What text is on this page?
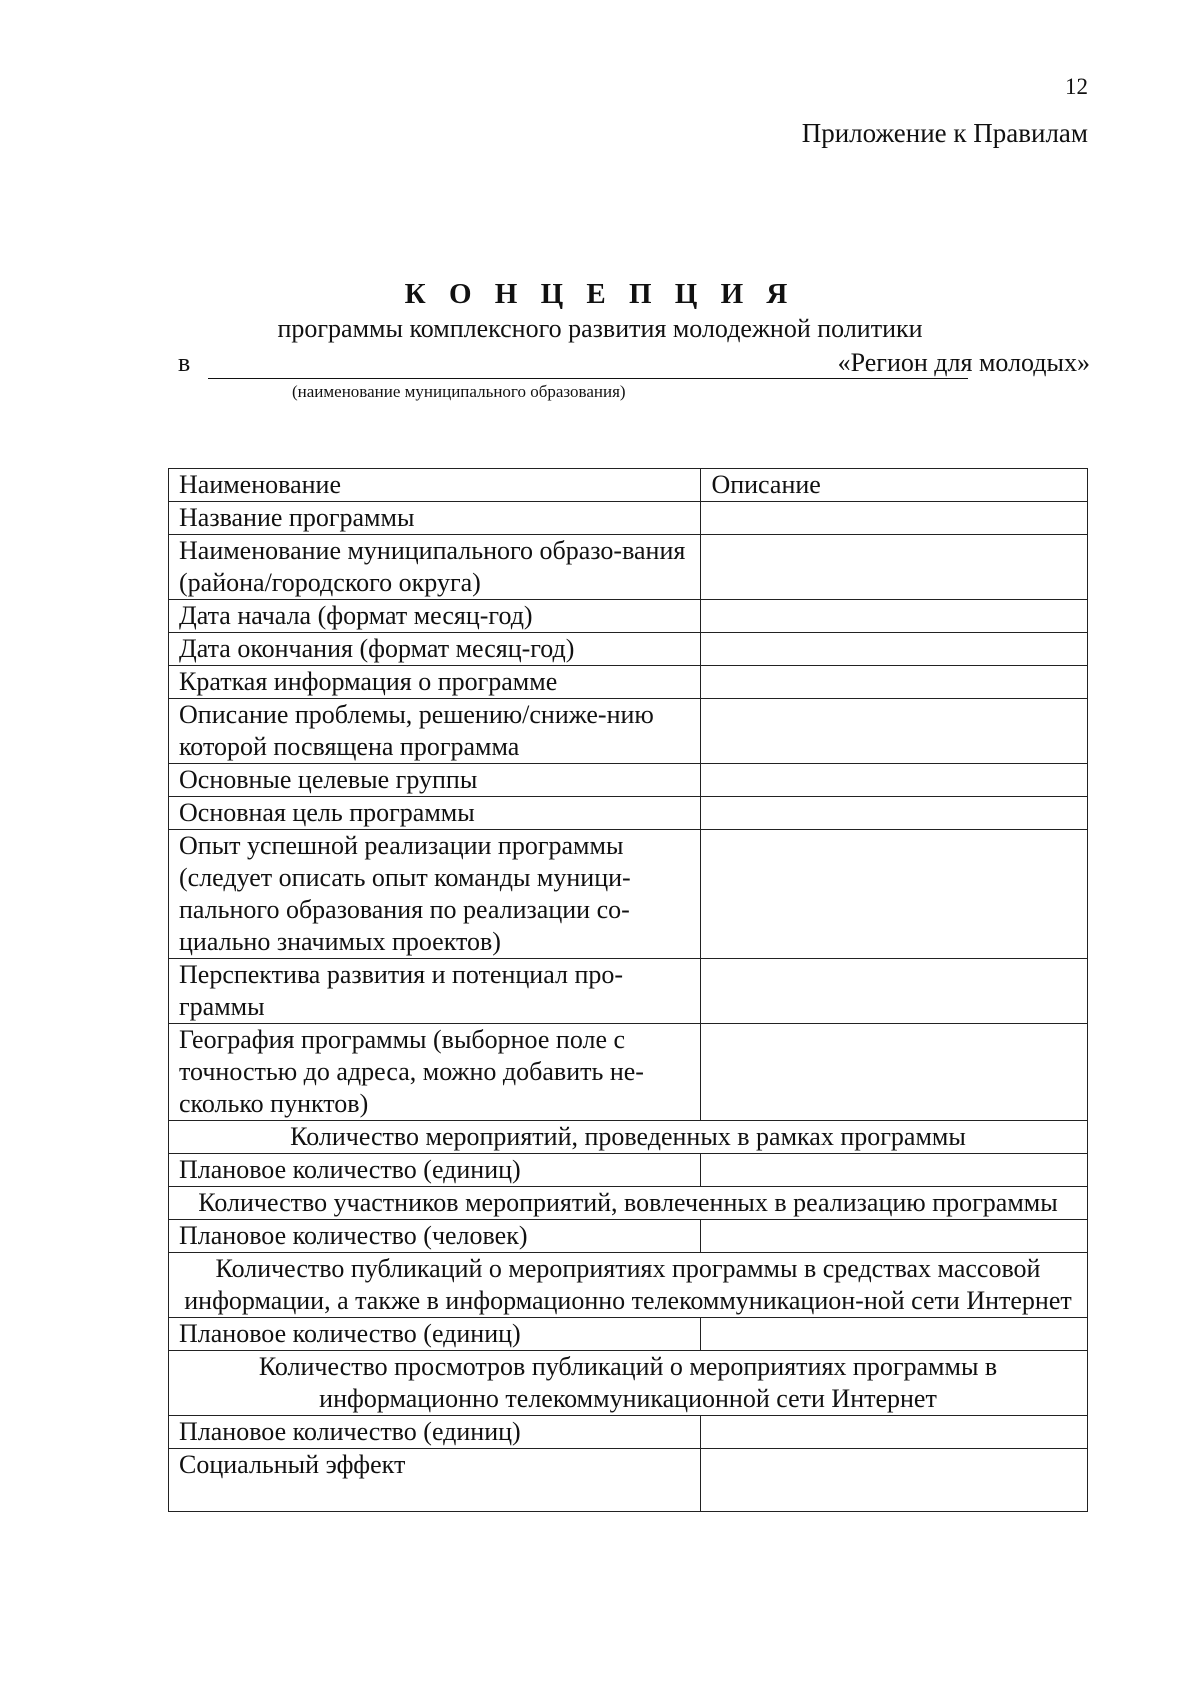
12
Приложение к Правилам
К О Н Ц Е П Ц И Я
программы комплексного развития молодежной политики
в	«Регион для молодых»
(наименование муниципального образования)
Наименование	Описание
Название программы	
Наименование муниципального образо-вания (района/городского округа)	
Дата начала (формат месяц-год)	
Дата окончания (формат месяц-год)	
Краткая информация о программе	
Описание проблемы, решению/сниже-нию которой посвящена программа	
Основные целевые группы	
Основная цель программы	
Опыт успешной реализации программы (следует описать опыт команды муници-пального образования по реализации со-циально значимых проектов)	
Перспектива развития и потенциал про-граммы	
География программы (выборное поле с точностью до адреса, можно добавить не-сколько пунктов)	
Количество мероприятий, проведенных в рамках программы	
Плановое количество (единиц)	
Количество участников мероприятий, вовлеченных в реализацию программы	
Плановое количество (человек)	
Количество публикаций о мероприятиях программы в средствах массовой информации, а также в информационно телекоммуникацион-ной сети Интернет	
Плановое количество (единиц)	
Количество просмотров публикаций о мероприятиях программы в информационно телекоммуникационной сети Интернет	
Плановое количество (единиц)	
Социальный эффект	
